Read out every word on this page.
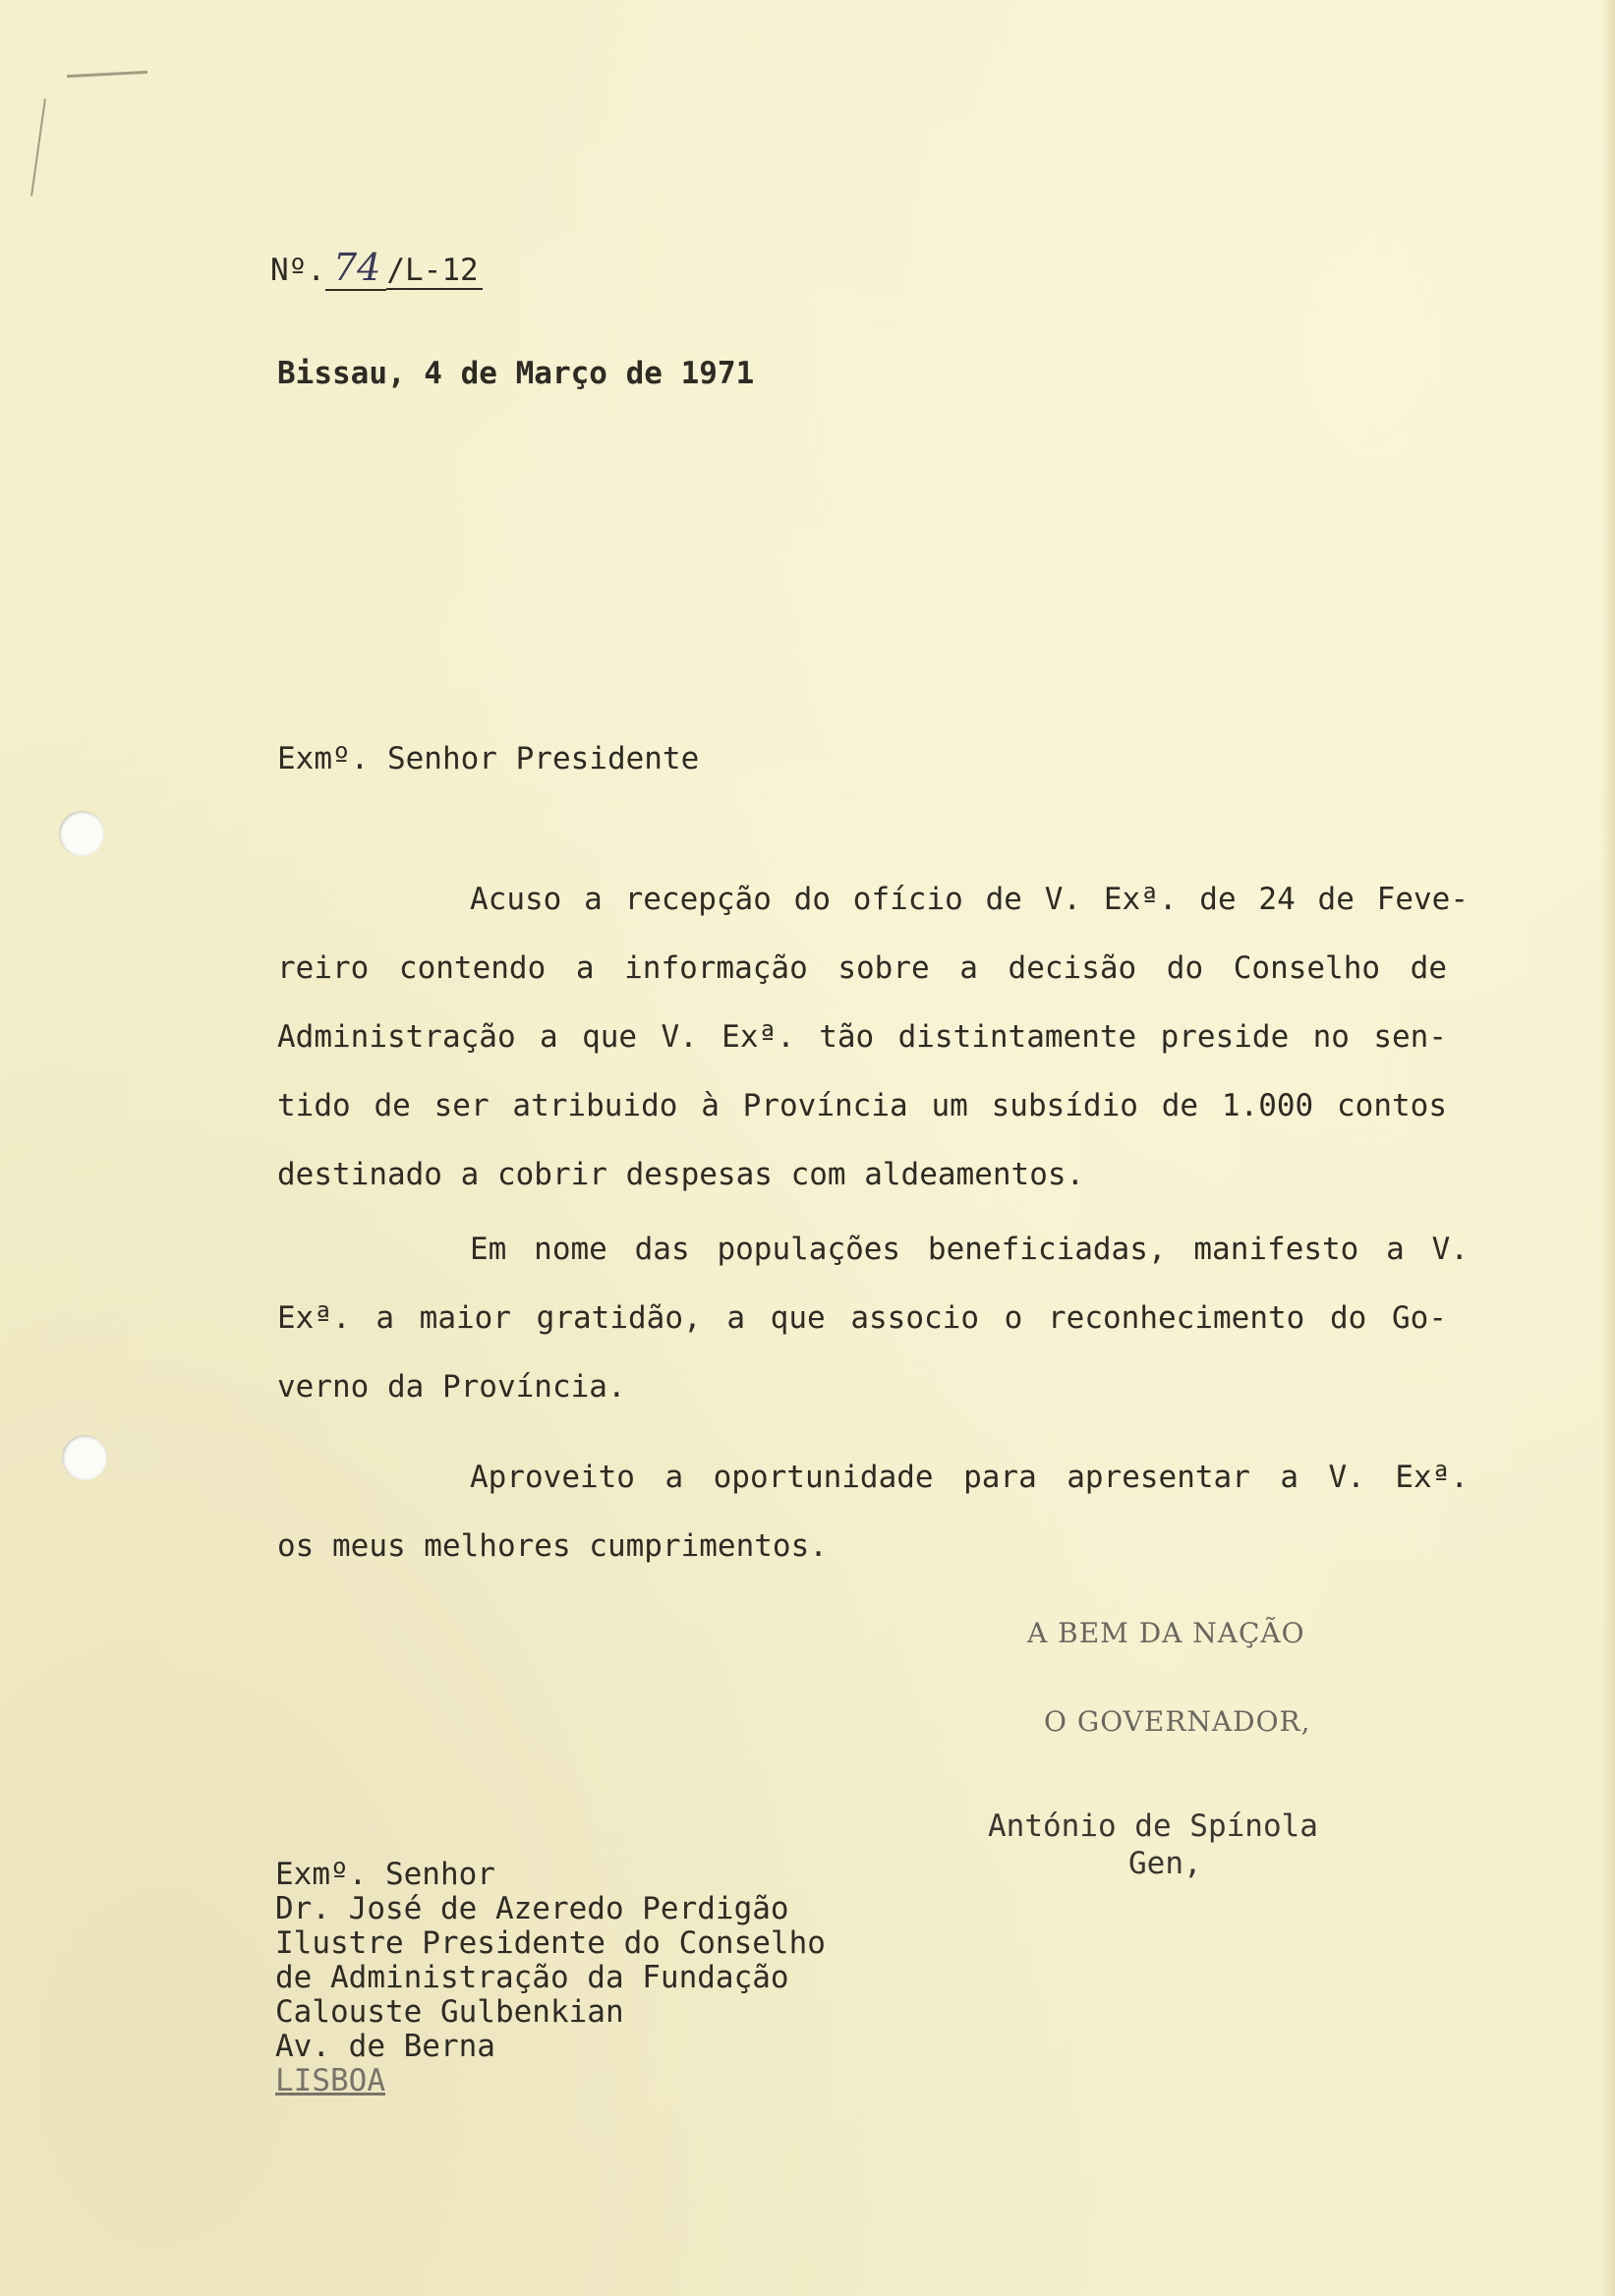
Nº. 74 /L-12
Bissau, 4 de Março de 1971
Exmº. Senhor Presidente
Acuso a recepção do ofício de V. Exª. de 24 de Feve-
reiro contendo a informação sobre a decisão do Conselho de
Administração a que V. Exª. tão distintamente preside no sen-
tido de ser atribuido à Província um subsídio de 1.000 contos
destinado a cobrir despesas com aldeamentos.
Em nome das populações beneficiadas, manifesto a V.
Exª. a maior gratidão, a que associo o reconhecimento do Go-
verno da Província.
Aproveito a oportunidade para apresentar a V. Exª.
os meus melhores cumprimentos.
A BEM DA NAÇÃO
O GOVERNADOR,
António de Spínola
Gen,
Exmº. Senhor
Dr. José de Azeredo Perdigão
Ilustre Presidente do Conselho
de Administração da Fundação
Calouste Gulbenkian
Av. de Berna
LISBOA
